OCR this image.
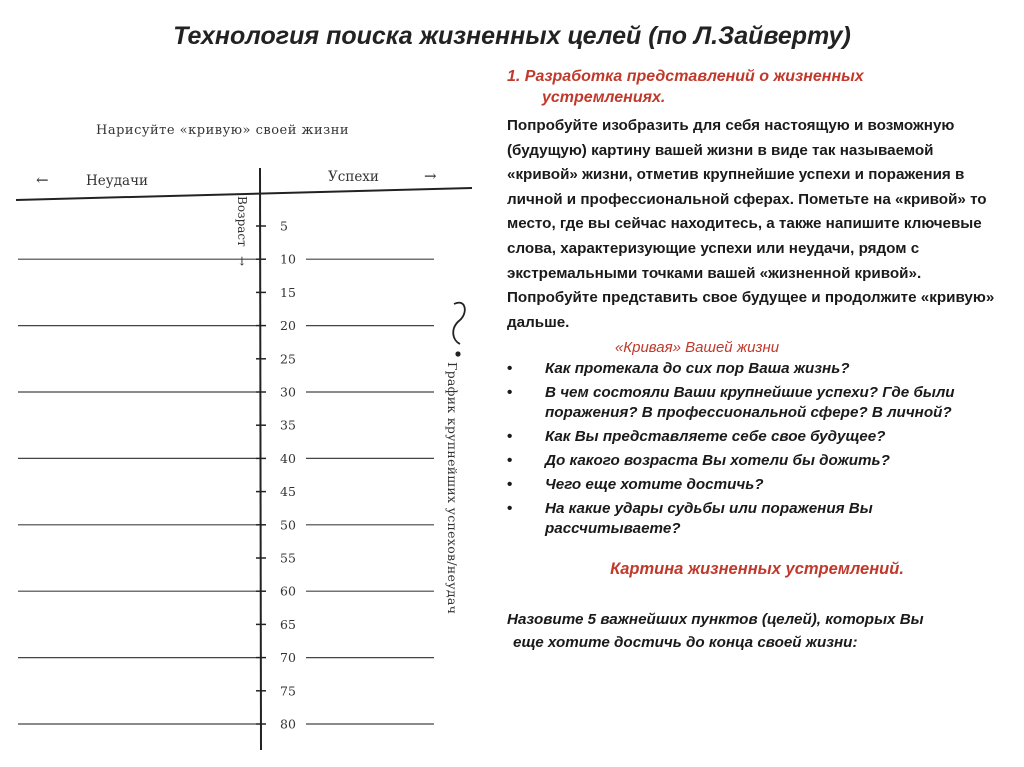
Технология поиска жизненных целей (по Л.Зайверту)
Нарисуйте «кривую» своей жизни
←	Неудачи	Успехи	→
Возраст
→
5
10
15
20
25
30
35
40
45
50
55
60
65
70
75
80
График крупнейших успехов/неудач
1. Разработка представлений о жизненных
устремлениях.

Попробуйте изобразить для себя настоящую и возможную (будущую) картину вашей жизни в виде так называемой «кривой» жизни, отметив крупнейшие успехи и поражения в личной и профессиональной сферах. Пометьте на «кривой» то место, где вы сейчас находитесь, а также напишите ключевые слова, характеризующие успехи или неудачи, рядом с экстремальными точками вашей «жизненной кривой». Попробуйте представить свое будущее и продолжите «кривую» дальше.

«Кривая» Вашей жизни
• Как протекала до сих пор Ваша жизнь?
• В чем состояли Ваши крупнейшие успехи? Где были поражения? В профессиональной сфере? В личной?
• Как Вы представляете себе свое будущее?
• До какого возраста Вы хотели бы дожить?
• Чего еще хотите достичь?
• На какие удары судьбы или поражения Вы рассчитываете?
Картина жизненных устремлений.
Назовите 5 важнейших пунктов (целей), которых Вы
еще хотите достичь до конца своей жизни:
